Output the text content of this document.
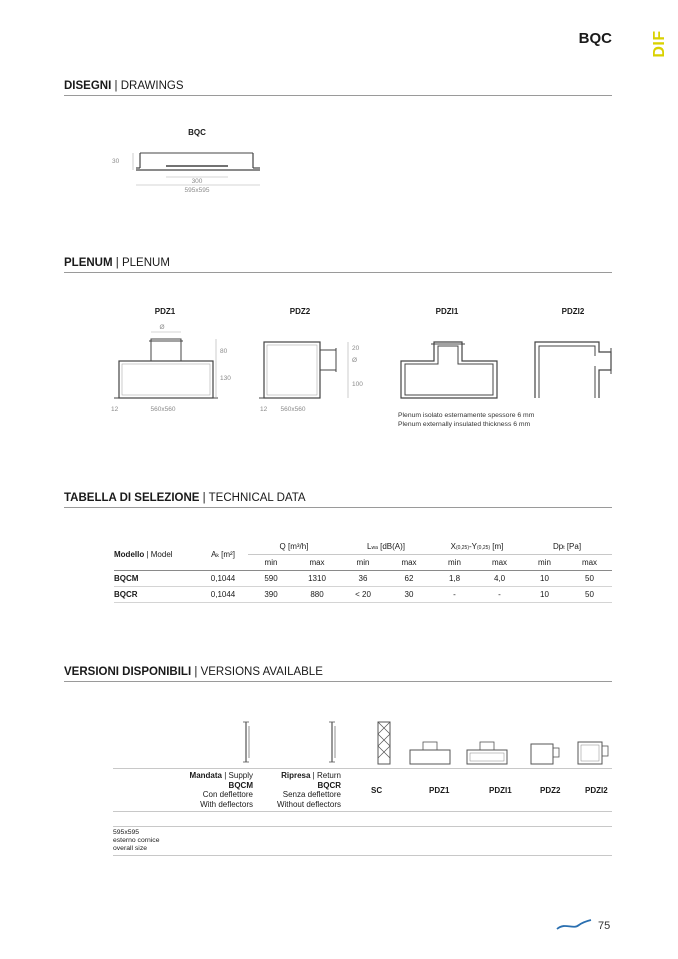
BQC DIF
DISEGNI | DRAWINGS
BQC
30
300
595x595
PLENUM | PLENUM
PDZ1
Ø
80
130
12	560x560
PDZ2
20
Ø
100
12 560x560
PDZI1	PDZI2
Plenum isolato esternamente spessore 6 mm
Plenum externally insulated thickness 6 mm
TABELLA DI SELEZIONE | TECHNICAL DATA
Modello | Model	Ak [m²]	Q [m³/h]		Lwa [dB(A)]		X(0,25)-Y(0,25) [m]		Dpt [Pa]	
		min	max	min	max	min	max	min	max
BQCM	0,1044	590	1310	36	62	1,8	4,0	10	50
BQCR	0,1044	390	880	< 20	30	-	-	10	50
VERSIONI DISPONIBILI | VERSIONS AVAILABLE
Mandata | Supply
BQCM
Con deflettore
With deflectors
Ripresa | Return
BQCR
Senza deflettore
Without deflectors
SC	PDZ1	PDZI1	PDZ2	PDZI2
595x595
esterno cornice
overall size
75
